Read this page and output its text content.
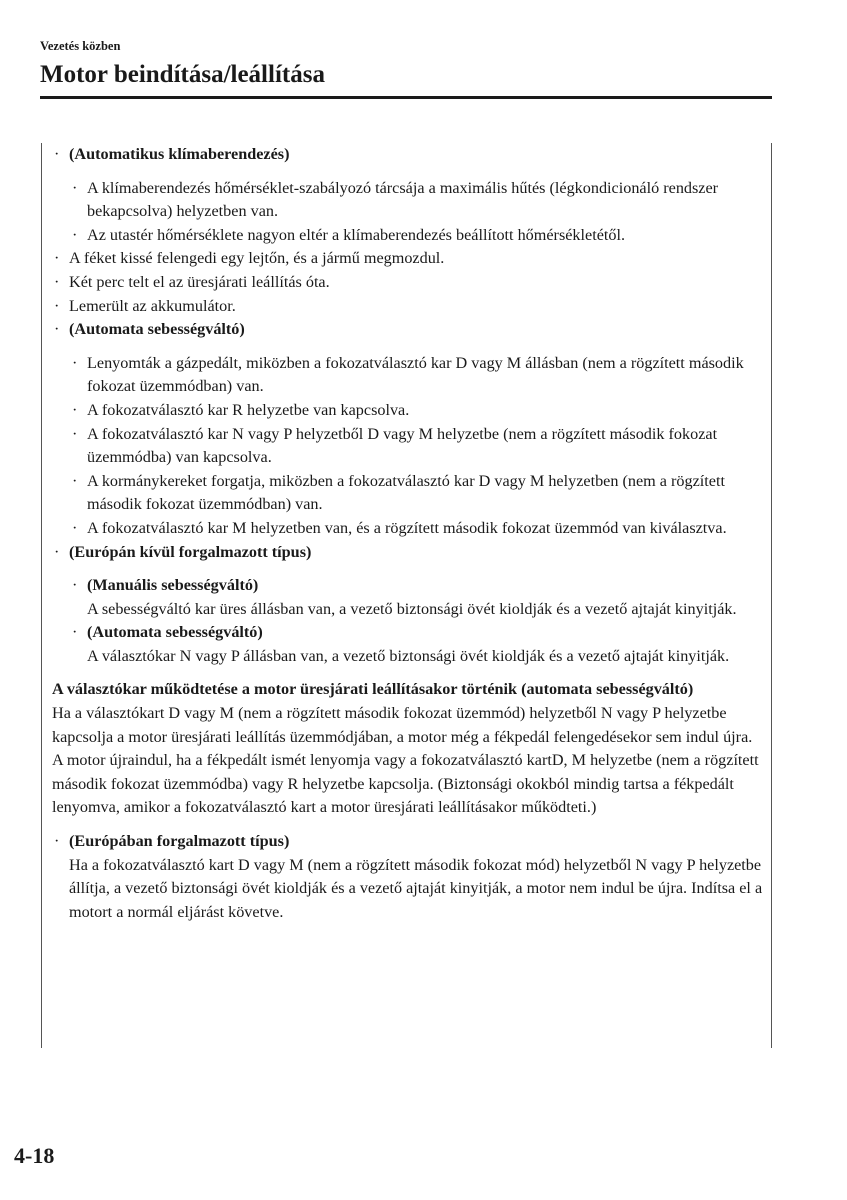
Vezetés közben
Motor beindítása/leállítása
· (Automatikus klímaberendezés)
· A klímaberendezés hőmérséklet-szabályozó tárcsája a maximális hűtés (légkondicionáló rendszer bekapcsolva) helyzetben van.
· Az utastér hőmérséklete nagyon eltér a klímaberendezés beállított hőmérsékletétől.
· A féket kissé felengedi egy lejtőn, és a jármű megmozdul.
· Két perc telt el az üresjárati leállítás óta.
· Lemerült az akkumulátor.
· (Automata sebességváltó)
· Lenyomták a gázpedált, miközben a fokozatválasztó kar D vagy M állásban (nem a rögzített második fokozat üzemmódban) van.
· A fokozatválasztó kar R helyzetbe van kapcsolva.
· A fokozatválasztó kar N vagy P helyzetből D vagy M helyzetbe (nem a rögzített második fokozat üzemmódba) van kapcsolva.
· A kormánykereket forgatja, miközben a fokozatválasztó kar D vagy M helyzetben (nem a rögzített második fokozat üzemmódban) van.
· A fokozatválasztó kar M helyzetben van, és a rögzített második fokozat üzemmód van kiválasztva.
· (Európán kívül forgalmazott típus)
· (Manuális sebességváltó)
A sebességváltó kar üres állásban van, a vezető biztonsági övét kioldják és a vezető ajtaját kinyitják.
· (Automata sebességváltó)
A választókar N vagy P állásban van, a vezető biztonsági övét kioldják és a vezető ajtaját kinyitják.
A választókar működtetése a motor üresjárati leállításakor történik (automata sebességváltó)
Ha a választókart D vagy M (nem a rögzített második fokozat üzemmód) helyzetből N vagy P helyzetbe kapcsolja a motor üresjárati leállítás üzemmódjában, a motor még a fékpedál felengedésekor sem indul újra. A motor újraindul, ha a fékpedált ismét lenyomja vagy a fokozatválasztó kartD, M helyzetbe (nem a rögzített második fokozat üzemmódba) vagy R helyzetbe kapcsolja. (Biztonsági okokból mindig tartsa a fékpedált lenyomva, amikor a fokozatválasztó kart a motor üresjárati leállításakor működteti.)
· (Európában forgalmazott típus)
Ha a fokozatválasztó kart D vagy M (nem a rögzített második fokozat mód) helyzetből N vagy P helyzetbe állítja, a vezető biztonsági övét kioldják és a vezető ajtaját kinyitják, a motor nem indul be újra. Indítsa el a motort a normál eljárást követve.
4-18
